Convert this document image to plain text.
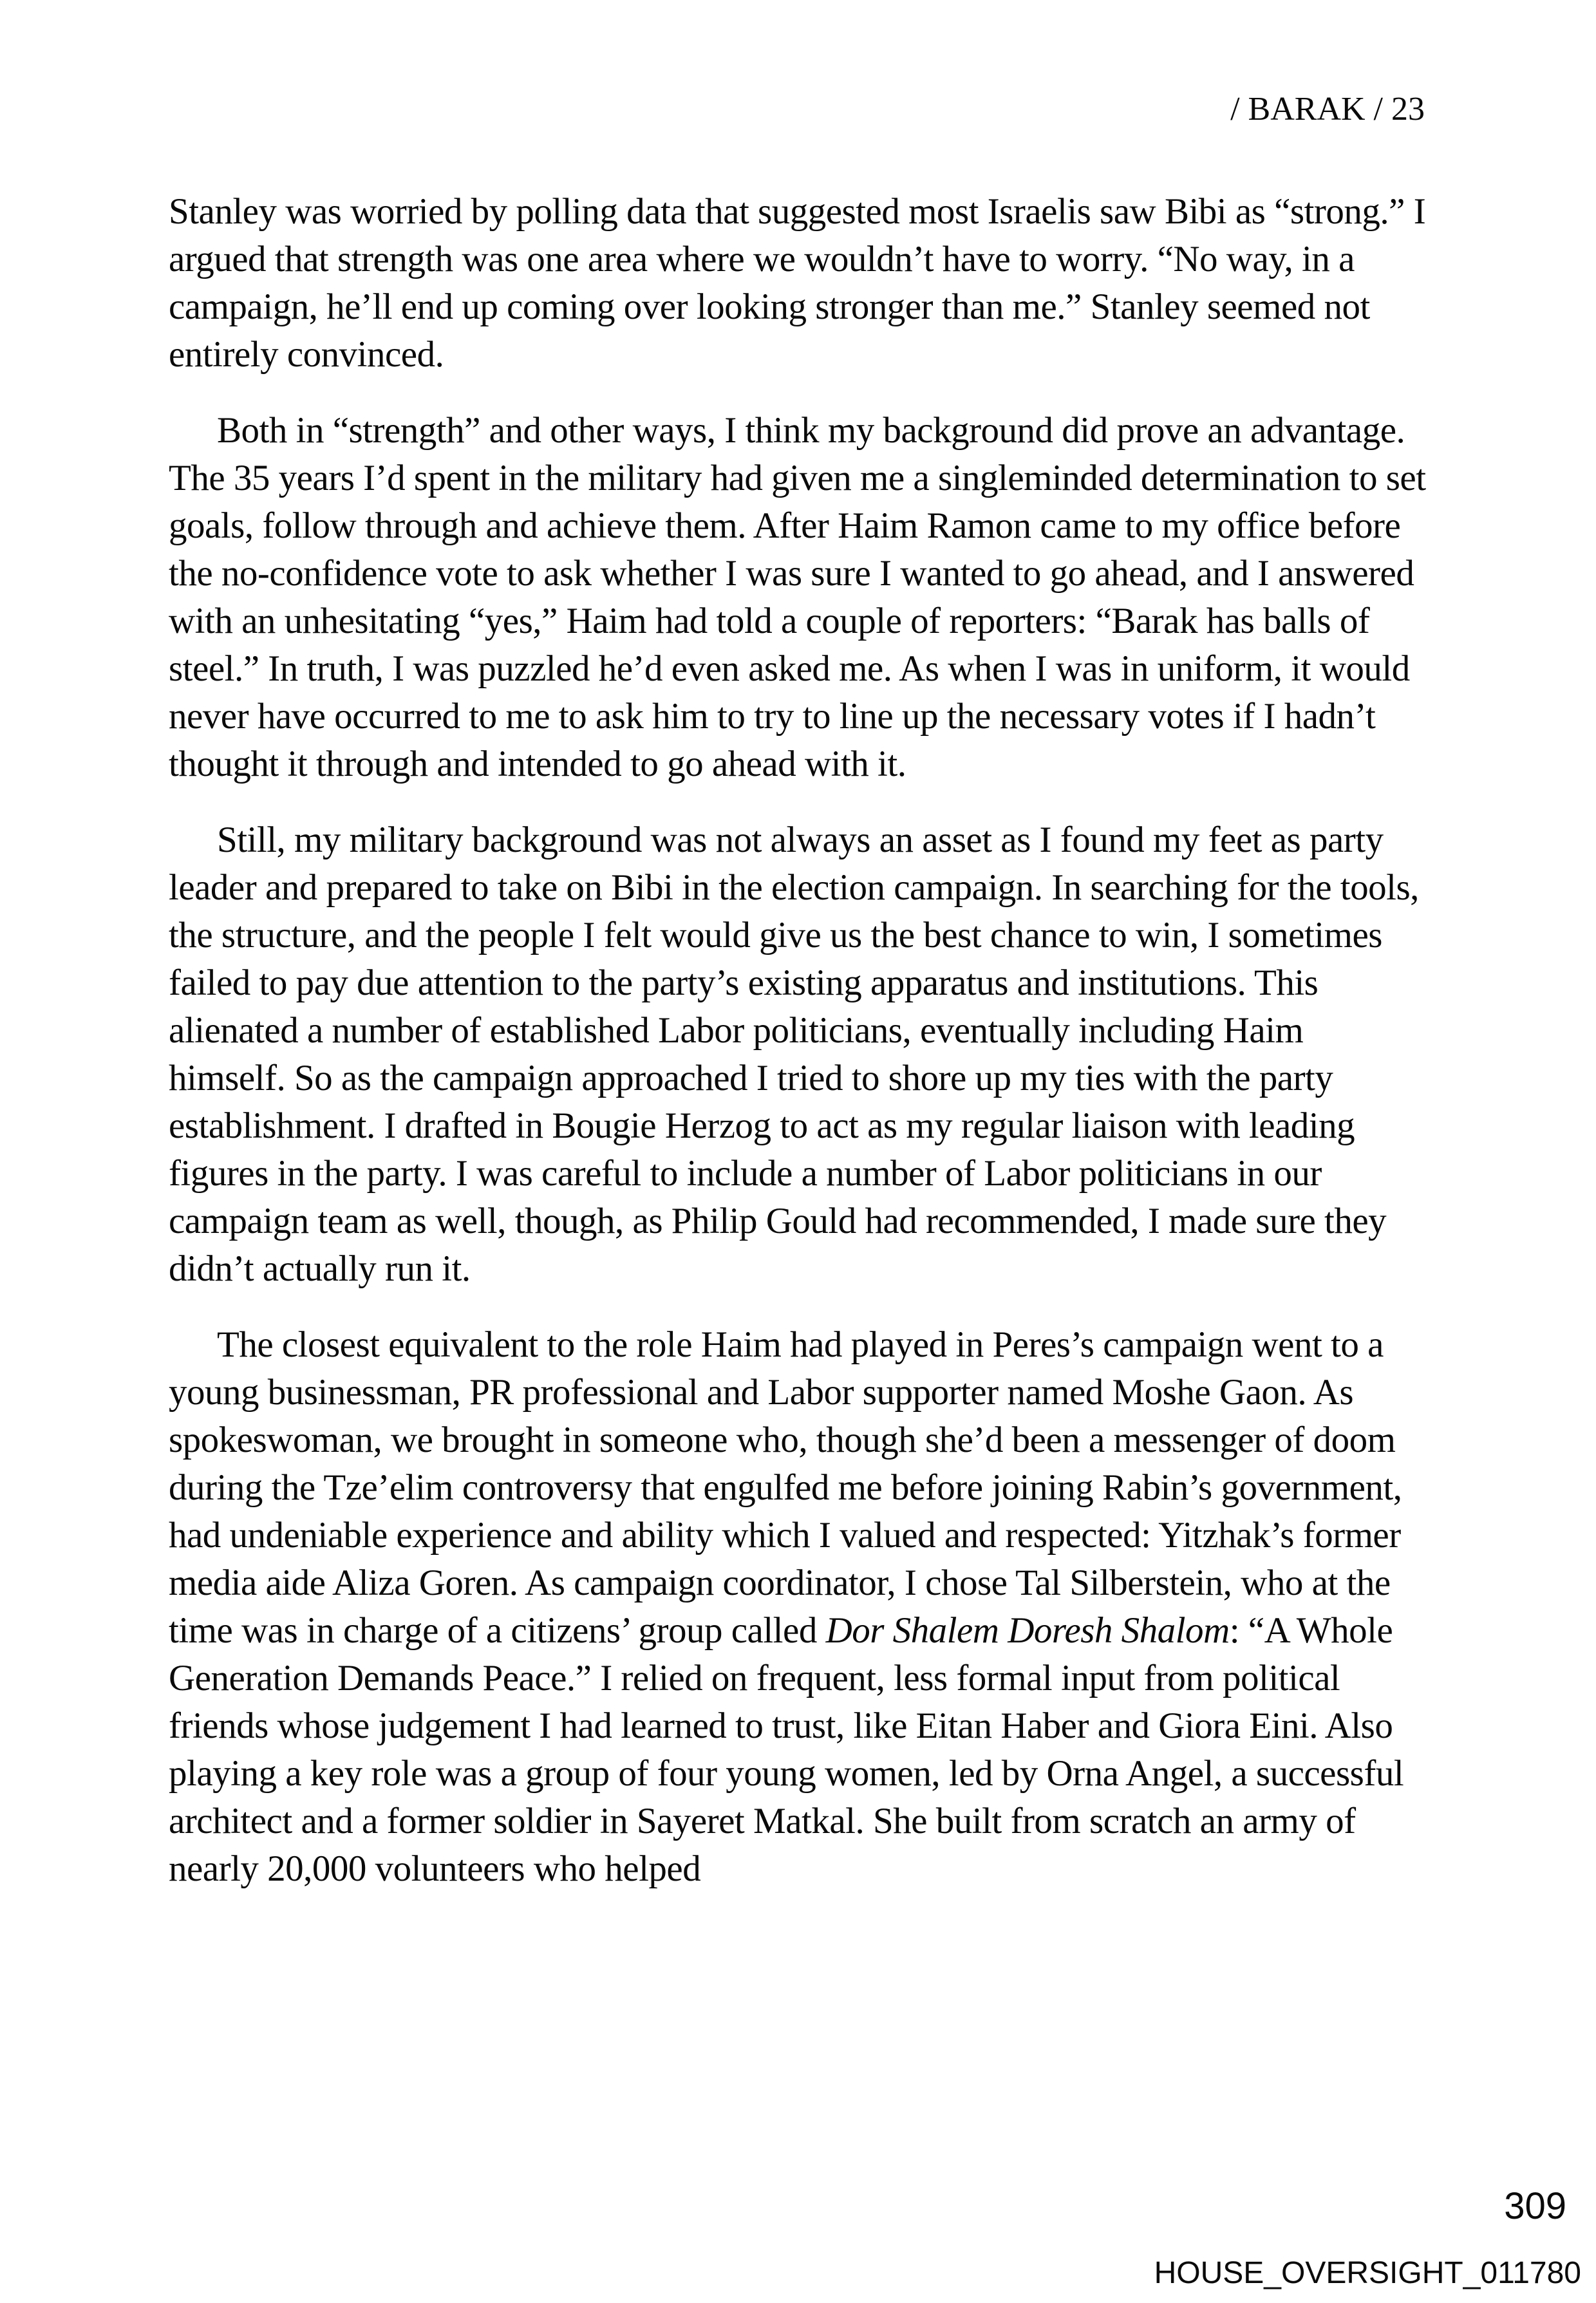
/ BARAK / 23

Stanley was worried by polling data that suggested most Israelis saw Bibi as “strong.” I argued that strength was one area where we wouldn’t have to worry. “No way, in a campaign, he’ll end up coming over looking stronger than me.” Stanley seemed not entirely convinced.

Both in “strength” and other ways, I think my background did prove an advantage. The 35 years I’d spent in the military had given me a singleminded determination to set goals, follow through and achieve them. After Haim Ramon came to my office before the no-confidence vote to ask whether I was sure I wanted to go ahead, and I answered with an unhesitating “yes,” Haim had told a couple of reporters: “Barak has balls of steel.” In truth, I was puzzled he’d even asked me. As when I was in uniform, it would never have occurred to me to ask him to try to line up the necessary votes if I hadn’t thought it through and intended to go ahead with it.

Still, my military background was not always an asset as I found my feet as party leader and prepared to take on Bibi in the election campaign. In searching for the tools, the structure, and the people I felt would give us the best chance to win, I sometimes failed to pay due attention to the party’s existing apparatus and institutions. This alienated a number of established Labor politicians, eventually including Haim himself. So as the campaign approached I tried to shore up my ties with the party establishment. I drafted in Bougie Herzog to act as my regular liaison with leading figures in the party. I was careful to include a number of Labor politicians in our campaign team as well, though, as Philip Gould had recommended, I made sure they didn’t actually run it.

The closest equivalent to the role Haim had played in Peres’s campaign went to a young businessman, PR professional and Labor supporter named Moshe Gaon. As spokeswoman, we brought in someone who, though she’d been a messenger of doom during the Tze’elim controversy that engulfed me before joining Rabin’s government, had undeniable experience and ability which I valued and respected: Yitzhak’s former media aide Aliza Goren. As campaign coordinator, I chose Tal Silberstein, who at the time was in charge of a citizens’ group called Dor Shalem Doresh Shalom: “A Whole Generation Demands Peace.” I relied on frequent, less formal input from political friends whose judgement I had learned to trust, like Eitan Haber and Giora Eini. Also playing a key role was a group of four young women, led by Orna Angel, a successful architect and a former soldier in Sayeret Matkal. She built from scratch an army of nearly 20,000 volunteers who helped

309
HOUSE_OVERSIGHT_011780
